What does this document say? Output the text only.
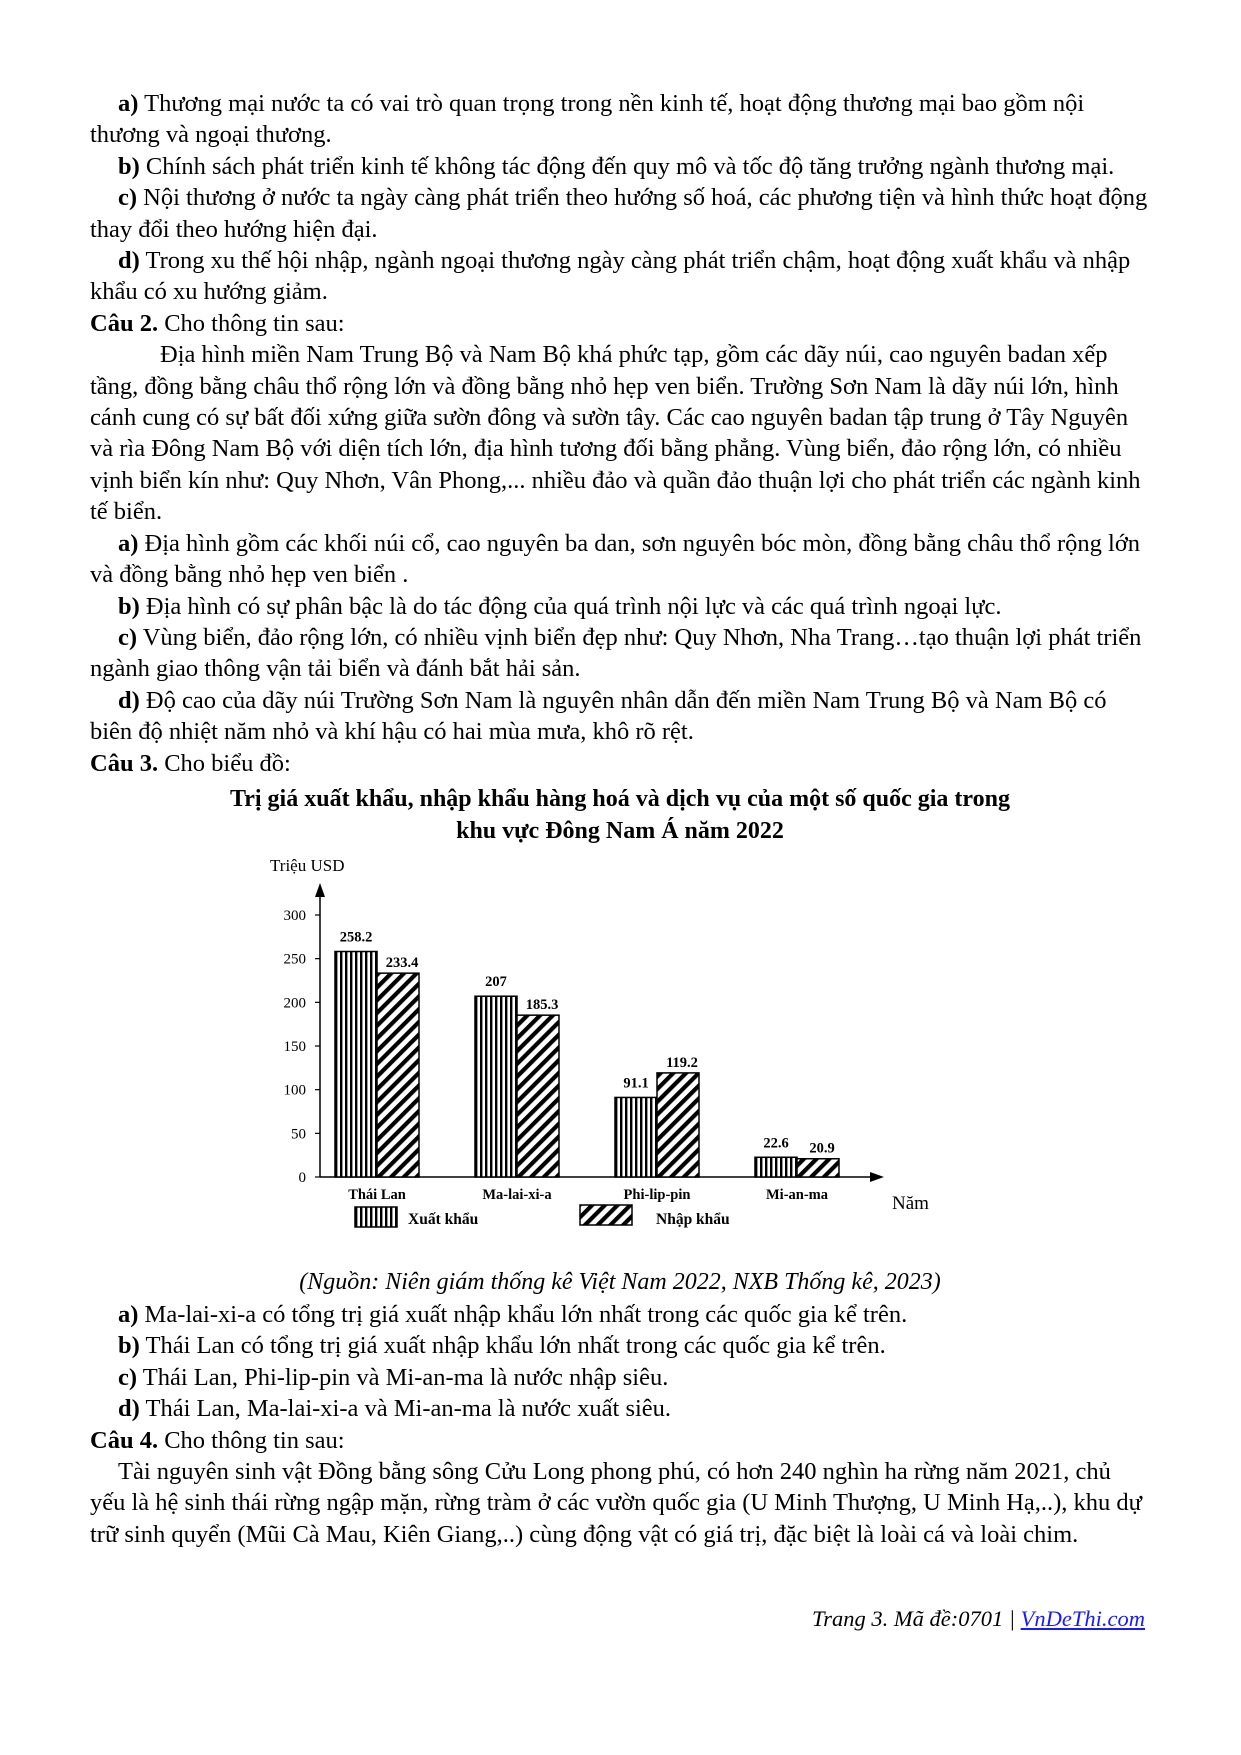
a) Thương mại nước ta có vai trò quan trọng trong nền kinh tế, hoạt động thương mại bao gồm nội thương và ngoại thương.

b) Chính sách phát triển kinh tế không tác động đến quy mô và tốc độ tăng trưởng ngành thương mại.

c) Nội thương ở nước ta ngày càng phát triển theo hướng số hoá, các phương tiện và hình thức hoạt động thay đổi theo hướng hiện đại.

d) Trong xu thế hội nhập, ngành ngoại thương ngày càng phát triển chậm, hoạt động xuất khẩu và nhập khẩu có xu hướng giảm.

Câu 2. Cho thông tin sau:

Địa hình miền Nam Trung Bộ và Nam Bộ khá phức tạp, gồm các dãy núi, cao nguyên badan xếp tầng, đồng bằng châu thổ rộng lớn và đồng bằng nhỏ hẹp ven biển. Trường Sơn Nam là dãy núi lớn, hình cánh cung có sự bất đối xứng giữa sườn đông và sườn tây. Các cao nguyên badan tập trung ở Tây Nguyên và rìa Đông Nam Bộ với diện tích lớn, địa hình tương đối bằng phẳng. Vùng biển, đảo rộng lớn, có nhiều vịnh biển kín như: Quy Nhơn, Vân Phong,... nhiều đảo và quần đảo thuận lợi cho phát triển các ngành kinh tế biển.

a) Địa hình gồm các khối núi cổ, cao nguyên ba dan, sơn nguyên bóc mòn, đồng bằng châu thổ rộng lớn và đồng bằng nhỏ hẹp ven biển .

b) Địa hình có sự phân bậc là do tác động của quá trình nội lực và các quá trình ngoại lực.

c) Vùng biển, đảo rộng lớn, có nhiều vịnh biển đẹp như: Quy Nhơn, Nha Trang…tạo thuận lợi phát triển ngành giao thông vận tải biển và đánh bắt hải sản.

d) Độ cao của dãy núi Trường Sơn Nam là nguyên nhân dẫn đến miền Nam Trung Bộ và Nam Bộ có biên độ nhiệt năm nhỏ và khí hậu có hai mùa mưa, khô rõ rệt.

Câu 3. Cho biểu đồ:

Trị giá xuất khẩu, nhập khẩu hàng hoá và dịch vụ của một số quốc gia trong
khu vực Đông Nam Á năm 2022
Triệu USD
Năm
0
50
100
150
200
250
300
258.2
233.4
Thái Lan
207
185.3
Ma-lai-xi-a
91.1
119.2
Phi-lip-pin
22.6 20.9
Mi-an-ma
Xuất khẩu	Nhập khẩu

(Nguồn: Niên giám thống kê Việt Nam 2022, NXB Thống kê, 2023)

a) Ma-lai-xi-a có tổng trị giá xuất nhập khẩu lớn nhất trong các quốc gia kể trên.

b) Thái Lan có tổng trị giá xuất nhập khẩu lớn nhất trong các quốc gia kể trên.

c) Thái Lan, Phi-lip-pin và Mi-an-ma là nước nhập siêu.

d) Thái Lan, Ma-lai-xi-a và Mi-an-ma là nước xuất siêu.

Câu 4. Cho thông tin sau:

Tài nguyên sinh vật Đồng bằng sông Cửu Long phong phú, có hơn 240 nghìn ha rừng năm 2021, chủ yếu là hệ sinh thái rừng ngập mặn, rừng tràm ở các vườn quốc gia (U Minh Thượng, U Minh Hạ,..), khu dự trữ sinh quyển (Mũi Cà Mau, Kiên Giang,..) cùng động vật có giá trị, đặc biệt là loài cá và loài chim.

Trang 3. Mã đề:0701 | VnDeThi.com
